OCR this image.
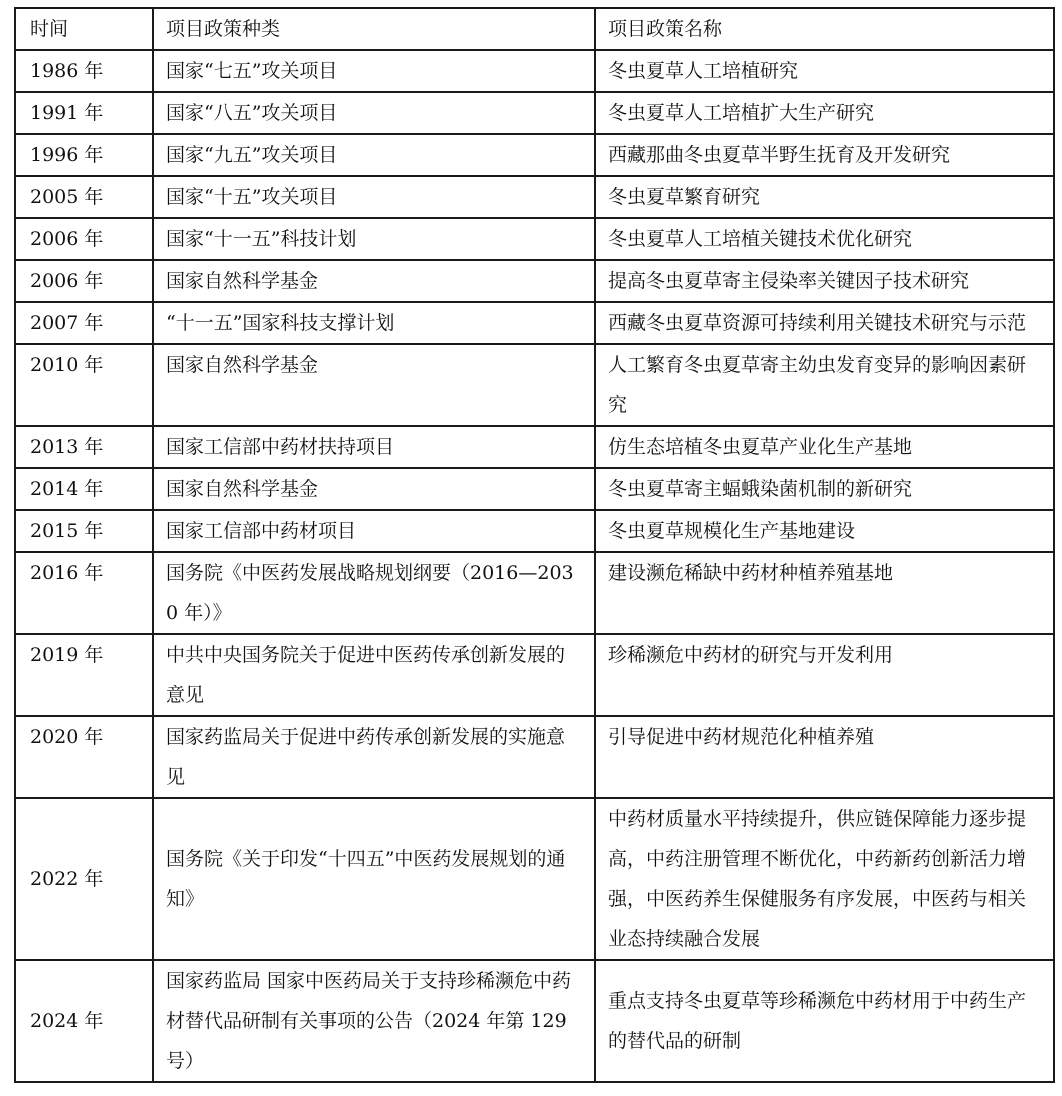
时间	项目政策种类	项目政策名称
1986 年	国家“七五”攻关项目	冬虫夏草人工培植研究
1991 年	国家“八五”攻关项目	冬虫夏草人工培植扩大生产研究
1996 年	国家“九五”攻关项目	西藏那曲冬虫夏草半野生抚育及开发研究
2005 年	国家“十五”攻关项目	冬虫夏草繁育研究
2006 年	国家“十一五”科技计划	冬虫夏草人工培植关键技术优化研究
2006 年	国家自然科学基金	提高冬虫夏草寄主侵染率关键因子技术研究
2007 年	“十一五”国家科技支撑计划	西藏冬虫夏草资源可持续利用关键技术研究与示范
2010 年	国家自然科学基金	人工繁育冬虫夏草寄主幼虫发育变异的影响因素研究
2013 年	国家工信部中药材扶持项目	仿生态培植冬虫夏草产业化生产基地
2014 年	国家自然科学基金	冬虫夏草寄主蝠蛾染菌机制的新研究
2015 年	国家工信部中药材项目	冬虫夏草规模化生产基地建设
2016 年	国务院《中医药发展战略规划纲要（2016—2030 年）》	建设濒危稀缺中药材种植养殖基地
2019 年	中共中央国务院关于促进中医药传承创新发展的意见	珍稀濒危中药材的研究与开发利用
2020 年	国家药监局关于促进中药传承创新发展的实施意见	引导促进中药材规范化种植养殖
2022 年	国务院《关于印发“十四五”中医药发展规划的通知》	中药材质量水平持续提升，供应链保障能力逐步提高，中药注册管理不断优化，中药新药创新活力增强，中医药养生保健服务有序发展，中医药与相关业态持续融合发展
2024 年	国家药监局 国家中医药局关于支持珍稀濒危中药材替代品研制有关事项的公告（2024 年第 129 号）	重点支持冬虫夏草等珍稀濒危中药材用于中药生产的替代品的研制
